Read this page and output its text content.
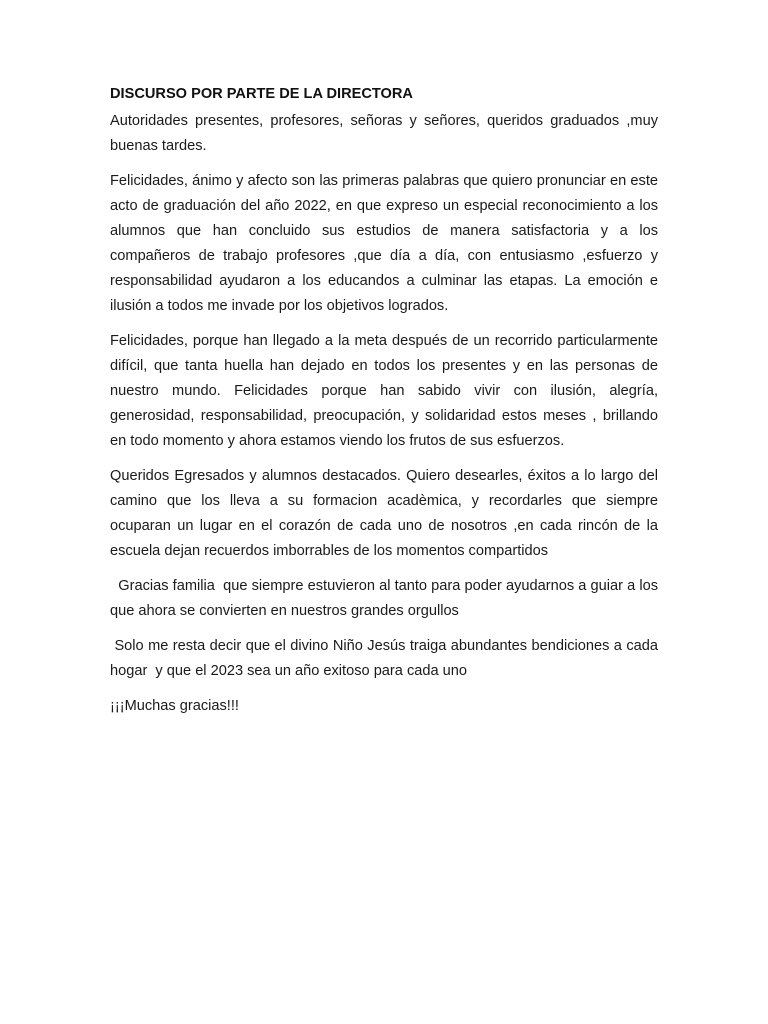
DISCURSO POR PARTE DE LA DIRECTORA

Autoridades presentes, profesores, señoras y señores, queridos graduados ,muy buenas tardes.

Felicidades, ánimo y afecto son las primeras palabras que quiero pronunciar en este acto de graduación del año 2022, en que expreso un especial reconocimiento a los alumnos que han concluido sus estudios de manera satisfactoria y a los compañeros de trabajo profesores ,que día a día, con entusiasmo ,esfuerzo y responsabilidad ayudaron a los educandos a culminar las etapas. La emoción e ilusión a todos me invade por los objetivos logrados.

Felicidades, porque han llegado a la meta después de un recorrido particularmente difícil, que tanta huella han dejado en todos los presentes y en las personas de nuestro mundo. Felicidades porque han sabido vivir con ilusión, alegría, generosidad, responsabilidad, preocupación, y solidaridad estos meses , brillando en todo momento y ahora estamos viendo los frutos de sus esfuerzos.

Queridos Egresados y alumnos destacados. Quiero desearles, éxitos a lo largo del camino que los lleva a su formacion acadèmica, y recordarles que siempre ocuparan un lugar en el corazón de cada uno de nosotros ,en cada rincón de la escuela dejan recuerdos imborrables de los momentos compartidos

Gracias familia  que siempre estuvieron al tanto para poder ayudarnos a guiar a los que ahora se convierten en nuestros grandes orgullos

Solo me resta decir que el divino Niño Jesús traiga abundantes bendiciones a cada hogar  y que el 2023 sea un año exitoso para cada uno

¡¡¡Muchas gracias!!!
